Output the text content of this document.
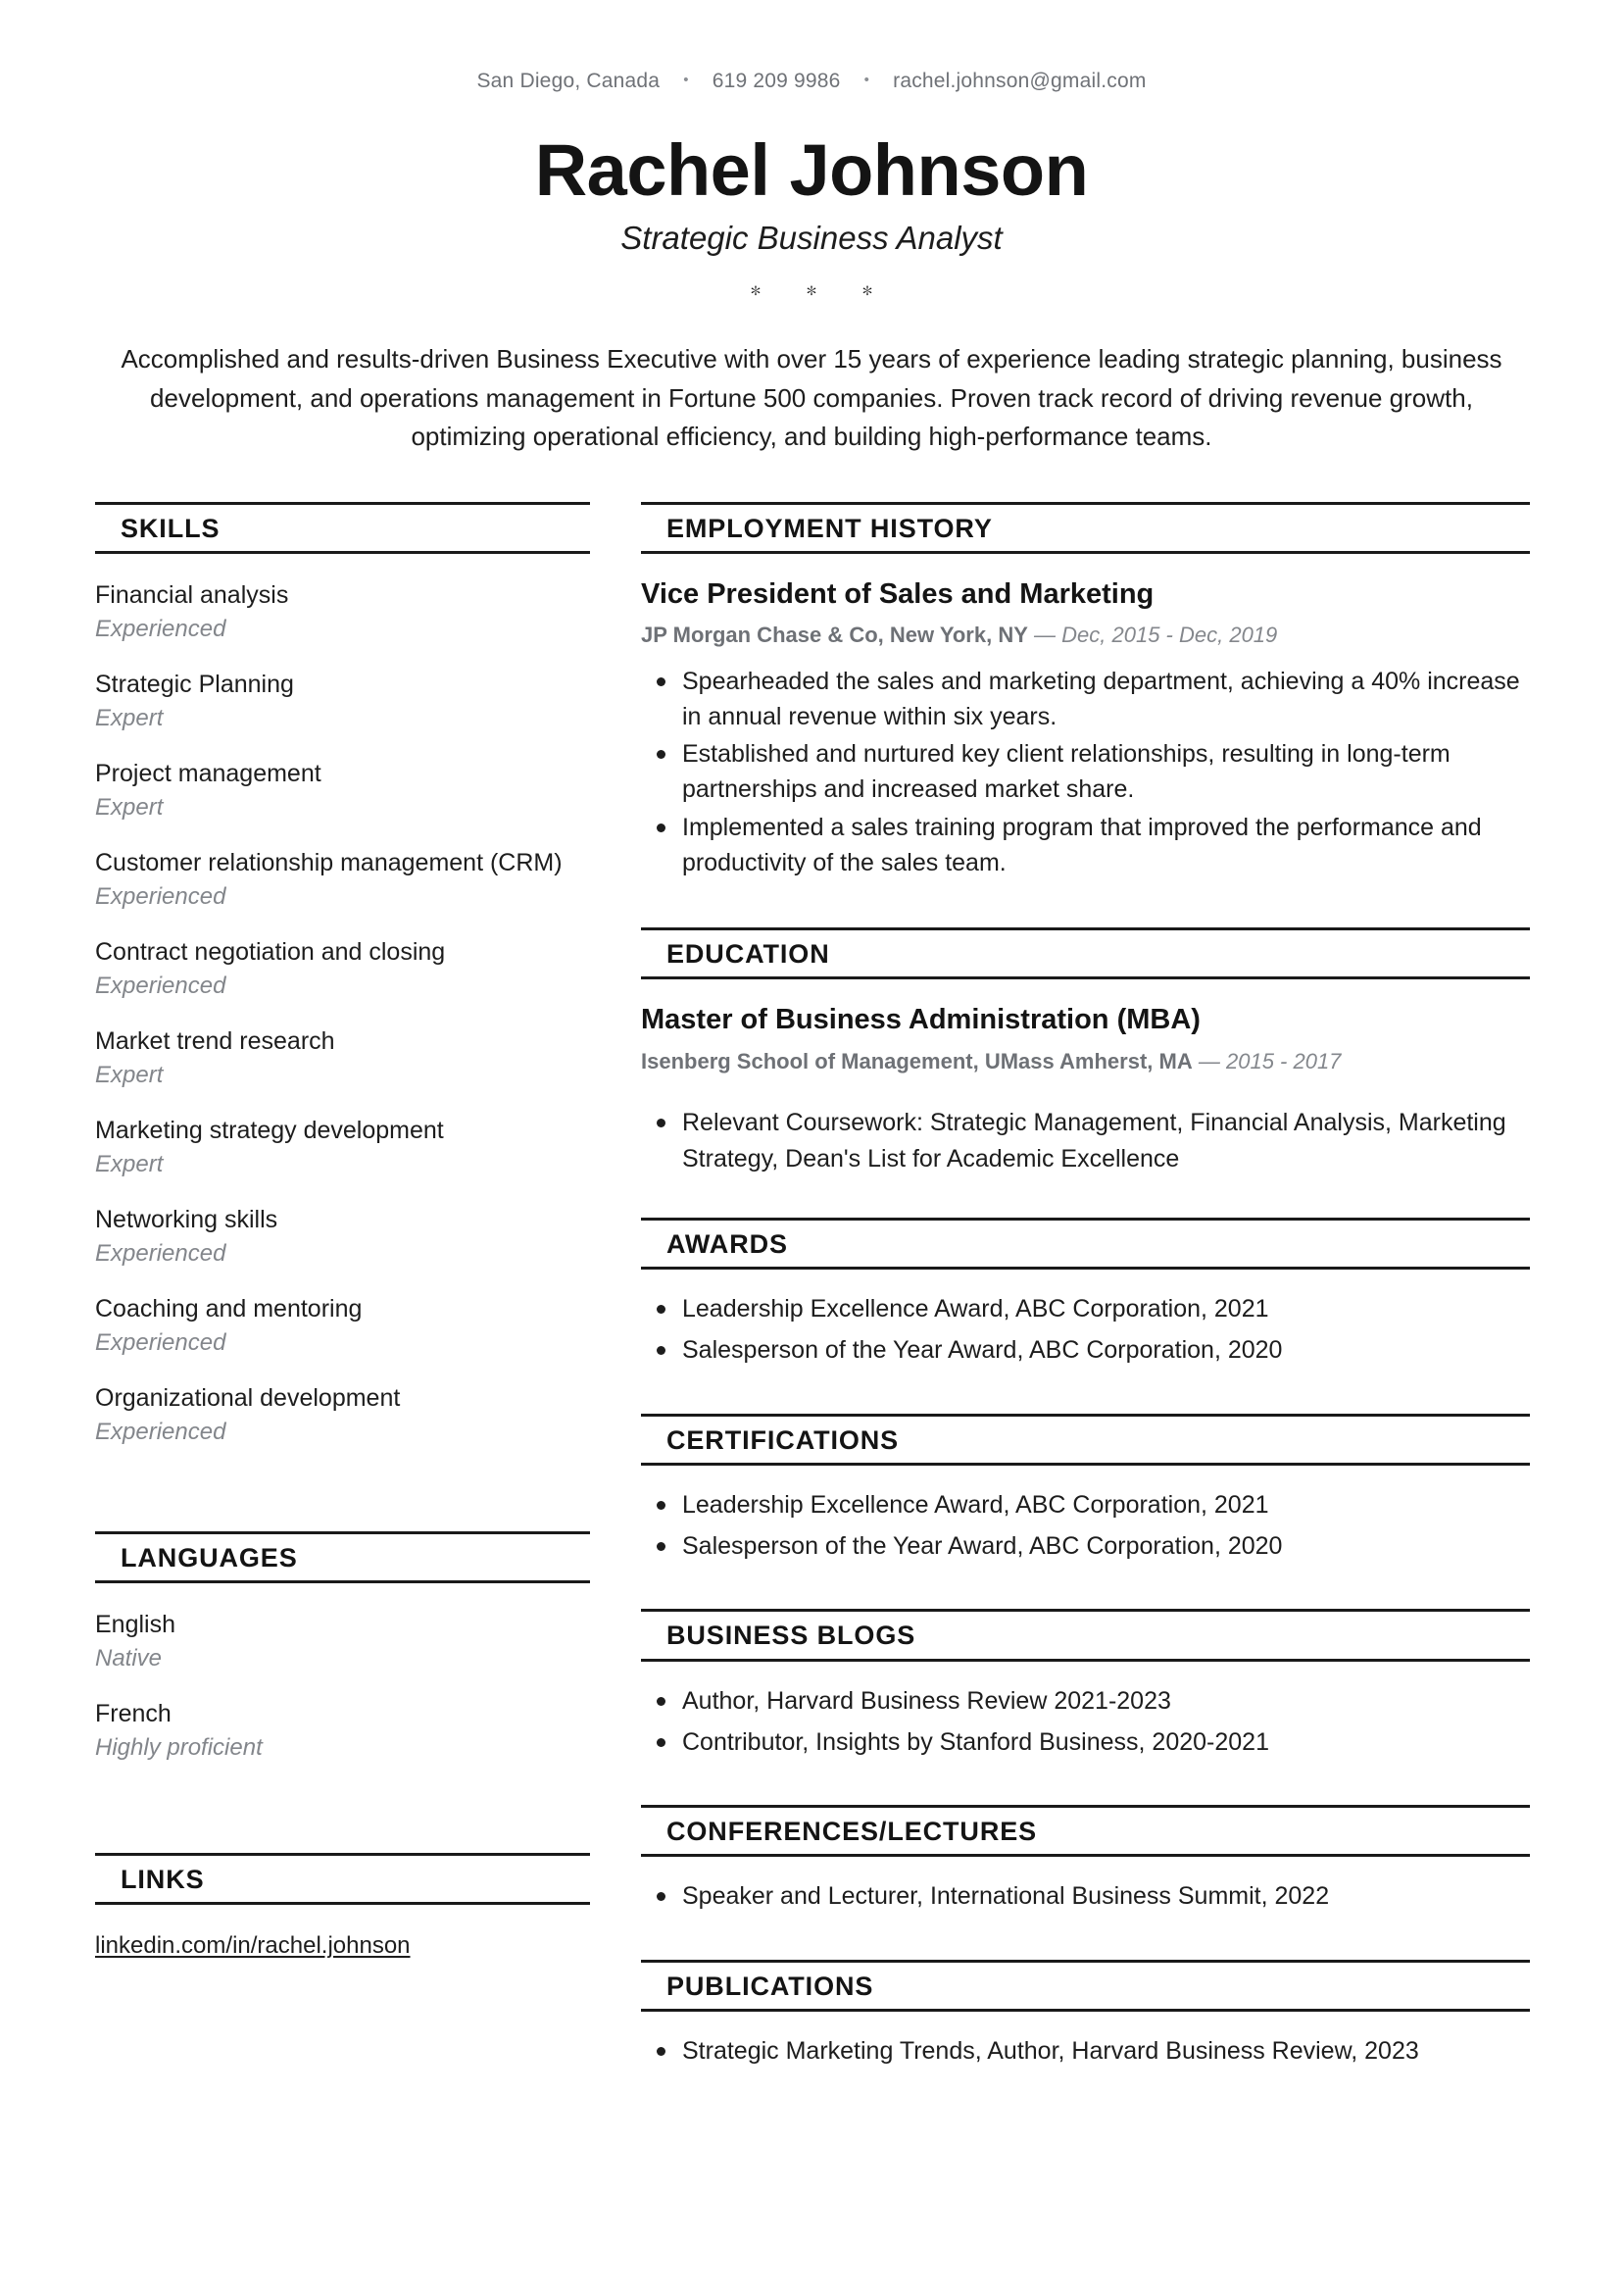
San Diego, Canada • 619 209 9986 • rachel.johnson@gmail.com
Rachel Johnson
Strategic Business Analyst
﹡ ﹡ ﹡
Accomplished and results-driven Business Executive with over 15 years of experience leading strategic planning, business development, and operations management in Fortune 500 companies. Proven track record of driving revenue growth, optimizing operational efficiency, and building high-performance teams.
SKILLS
Financial analysis
Experienced
Strategic Planning
Expert
Project management
Expert
Customer relationship management (CRM)
Experienced
Contract negotiation and closing
Experienced
Market trend research
Expert
Marketing strategy development
Expert
Networking skills
Experienced
Coaching and mentoring
Experienced
Organizational development
Experienced
LANGUAGES
English
Native
French
Highly proficient
LINKS
linkedin.com/in/rachel.johnson
EMPLOYMENT HISTORY
Vice President of Sales and Marketing
JP Morgan Chase & Co, New York, NY — Dec, 2015 - Dec, 2019
Spearheaded the sales and marketing department, achieving a 40% increase in annual revenue within six years.
Established and nurtured key client relationships, resulting in long-term partnerships and increased market share.
Implemented a sales training program that improved the performance and productivity of the sales team.
EDUCATION
Master of Business Administration (MBA)
Isenberg School of Management, UMass Amherst, MA — 2015 - 2017
Relevant Coursework: Strategic Management, Financial Analysis, Marketing Strategy, Dean's List for Academic Excellence
AWARDS
Leadership Excellence Award, ABC Corporation, 2021
Salesperson of the Year Award, ABC Corporation, 2020
CERTIFICATIONS
Leadership Excellence Award, ABC Corporation, 2021
Salesperson of the Year Award, ABC Corporation, 2020
BUSINESS BLOGS
Author, Harvard Business Review 2021-2023
Contributor, Insights by Stanford Business, 2020-2021
CONFERENCES/LECTURES
Speaker and Lecturer, International Business Summit, 2022
PUBLICATIONS
Strategic Marketing Trends, Author, Harvard Business Review, 2023
